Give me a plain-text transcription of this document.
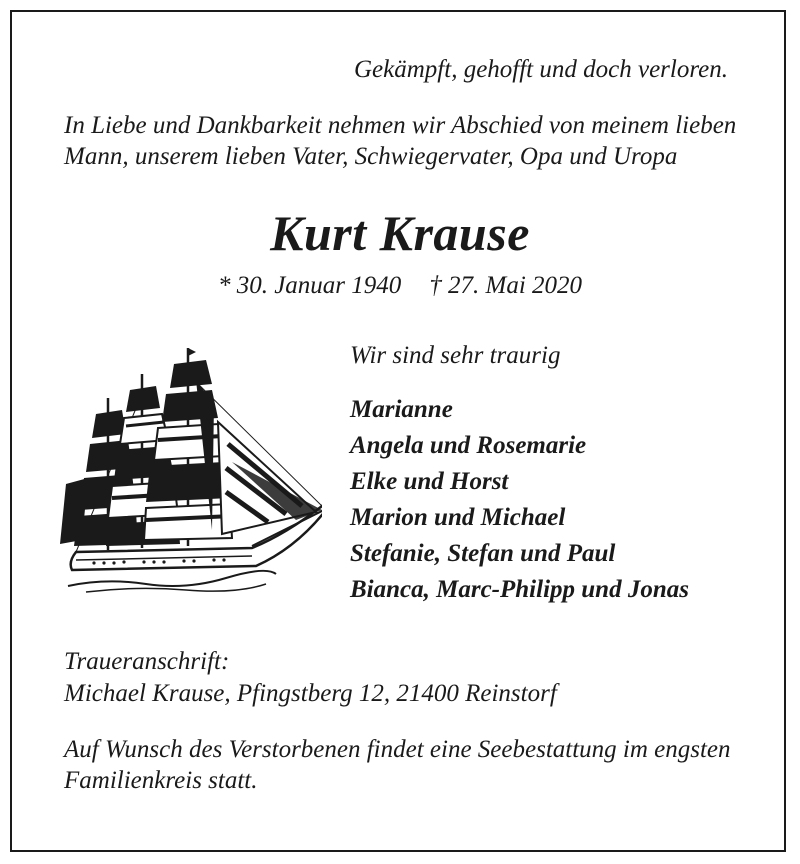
Gekämpft, gehofft und doch verloren.

In Liebe und Dankbarkeit nehmen wir Abschied von meinem lieben Mann, unserem lieben Vater, Schwiegervater, Opa und Uropa

Kurt Krause
* 30. Januar 1940 † 27. Mai 2020
Wir sind sehr traurig
Marianne
Angela und Rosemarie
Elke und Horst
Marion und Michael
Stefanie, Stefan und Paul
Bianca, Marc-Philipp und Jonas
Traueranschrift:
Michael Krause, Pfingstberg 12, 21400 Reinstorf

Auf Wunsch des Verstorbenen findet eine Seebestattung im engsten Familienkreis statt.
